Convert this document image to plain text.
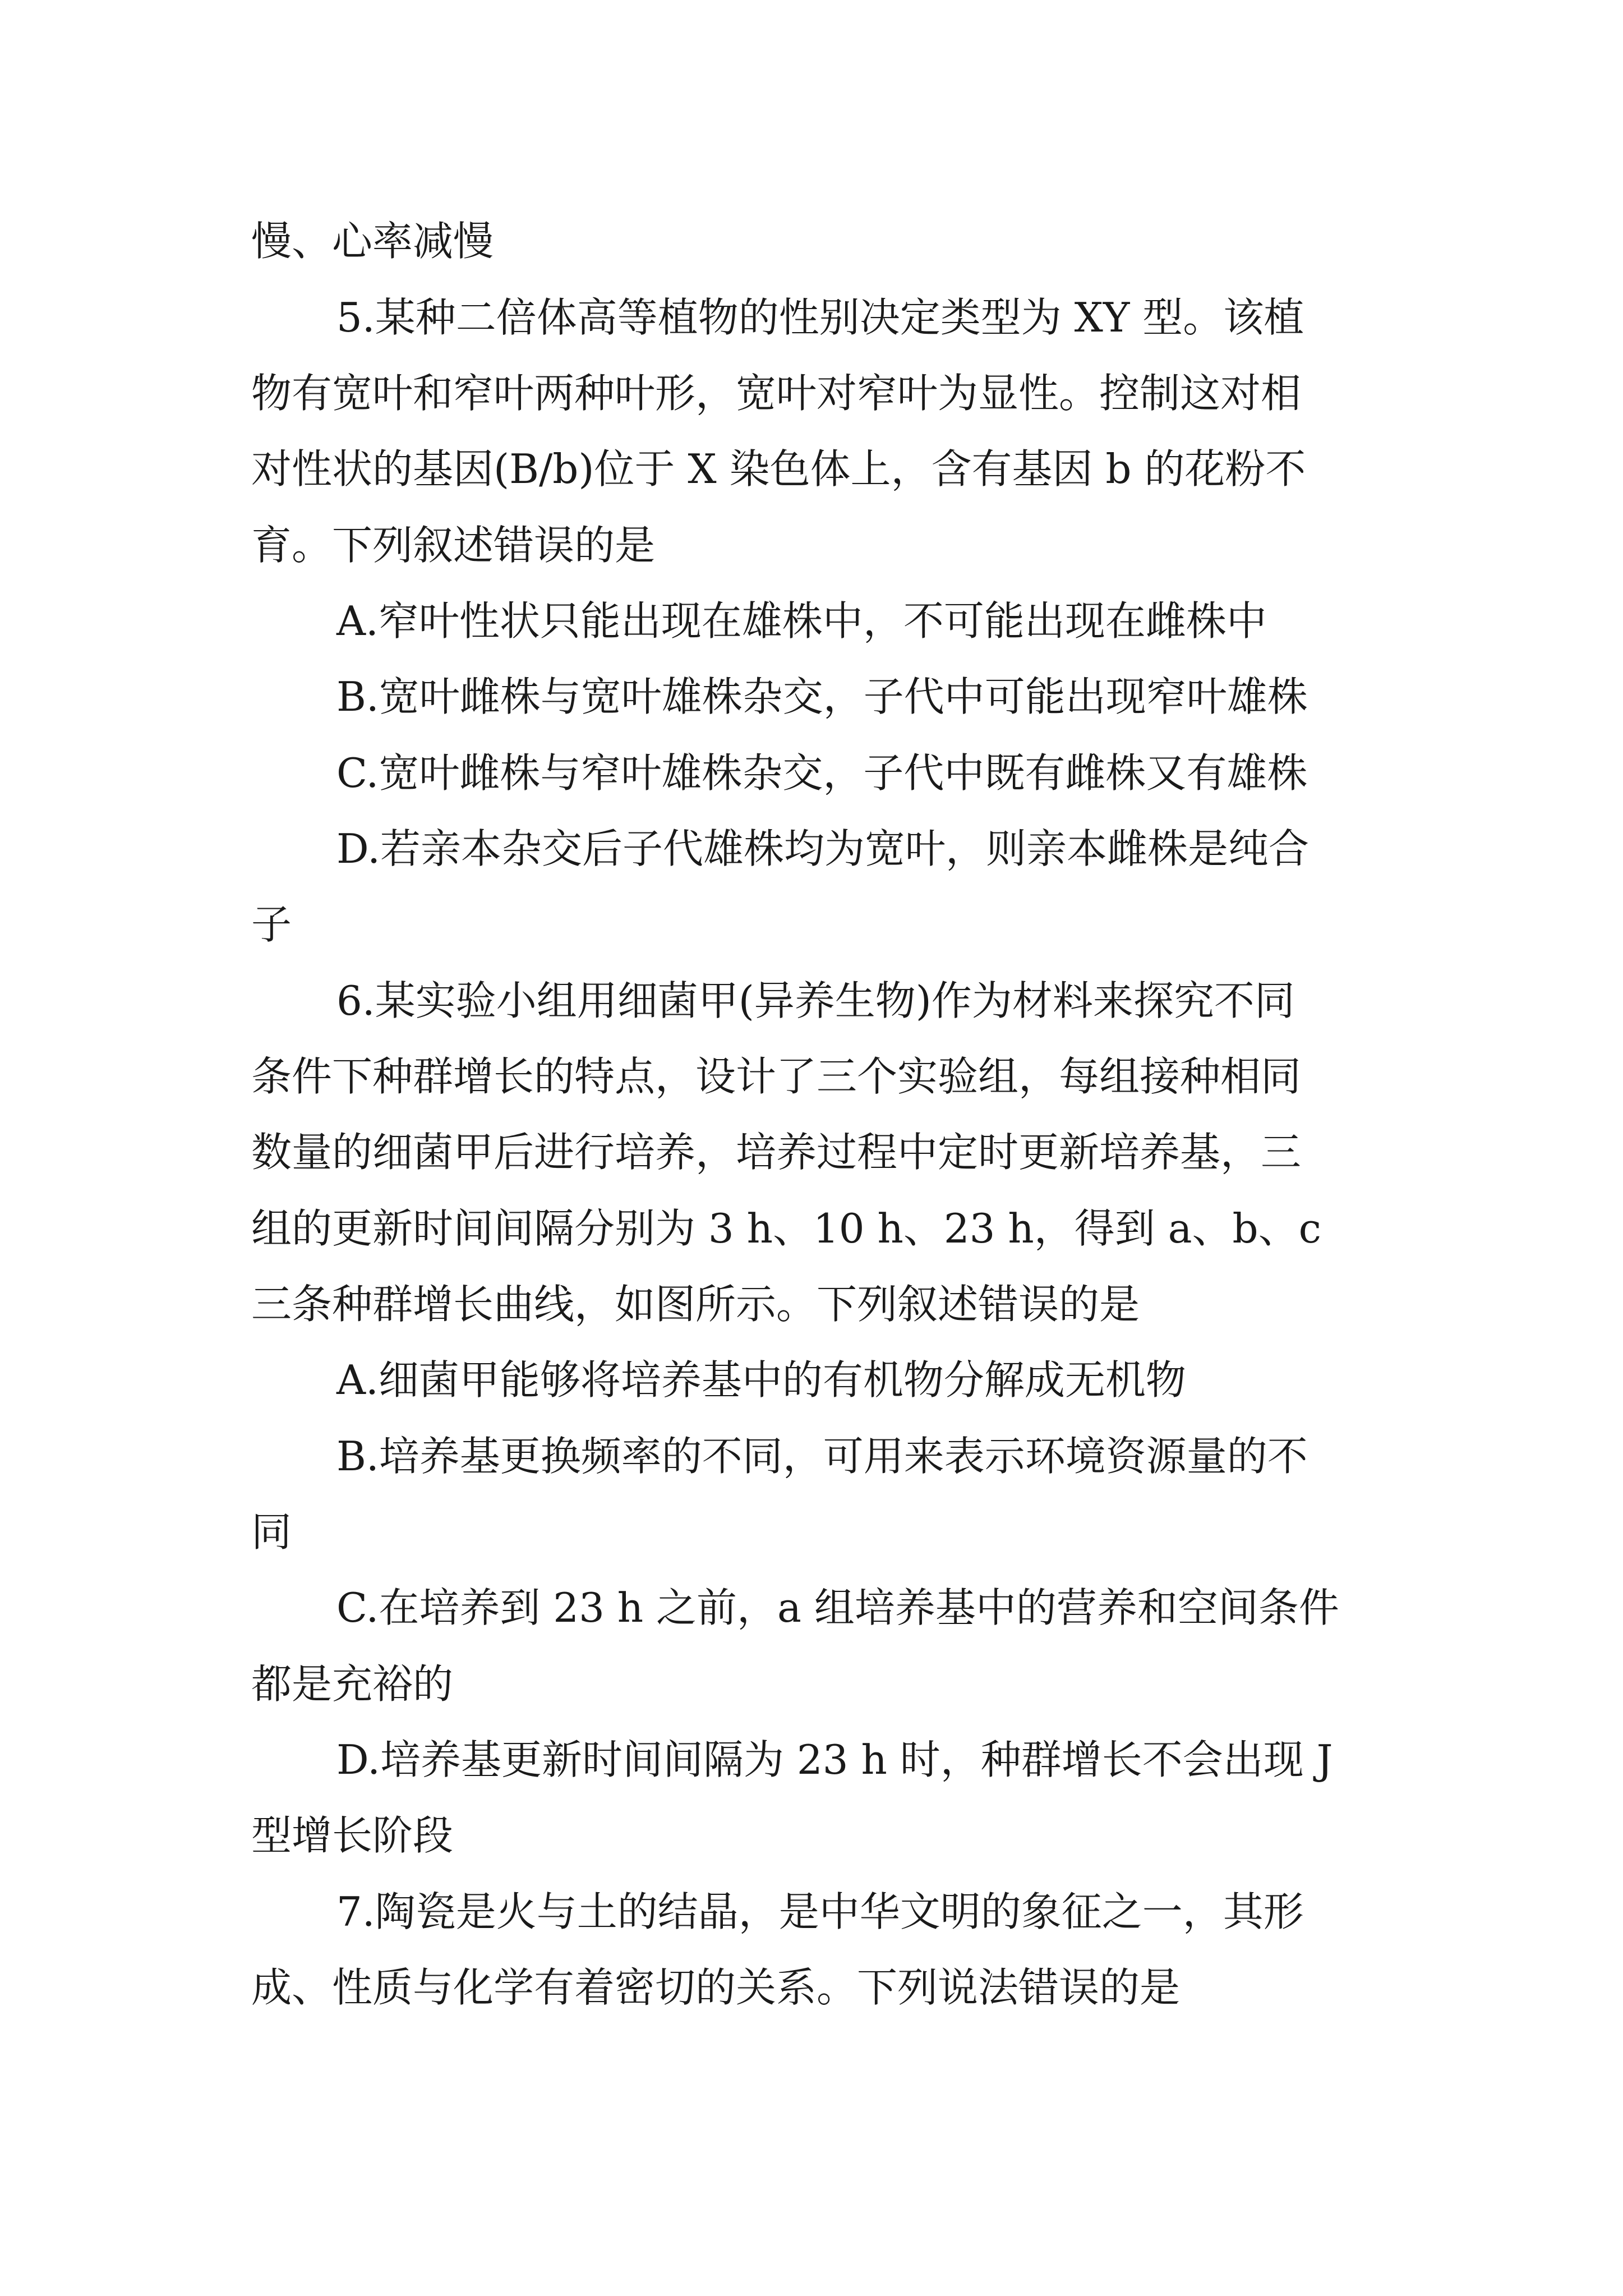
慢、心率减慢
5.某种二倍体高等植物的性别决定类型为 XY 型。该植
物有宽叶和窄叶两种叶形，宽叶对窄叶为显性。控制这对相
对性状的基因(B/b)位于 X 染色体上，含有基因 b 的花粉不
育。下列叙述错误的是
A.窄叶性状只能出现在雄株中，不可能出现在雌株中
B.宽叶雌株与宽叶雄株杂交，子代中可能出现窄叶雄株
C.宽叶雌株与窄叶雄株杂交，子代中既有雌株又有雄株
D.若亲本杂交后子代雄株均为宽叶，则亲本雌株是纯合
子
6.某实验小组用细菌甲(异养生物)作为材料来探究不同
条件下种群增长的特点，设计了三个实验组，每组接种相同
数量的细菌甲后进行培养，培养过程中定时更新培养基，三
组的更新时间间隔分别为 3 h、10 h、23 h，得到 a、b、c
三条种群增长曲线，如图所示。下列叙述错误的是
A.细菌甲能够将培养基中的有机物分解成无机物
B.培养基更换频率的不同，可用来表示环境资源量的不
同
C.在培养到 23 h 之前，a 组培养基中的营养和空间条件
都是充裕的
D.培养基更新时间间隔为 23 h 时，种群增长不会出现 J
型增长阶段
7.陶瓷是火与土的结晶，是中华文明的象征之一，其形
成、性质与化学有着密切的关系。下列说法错误的是
